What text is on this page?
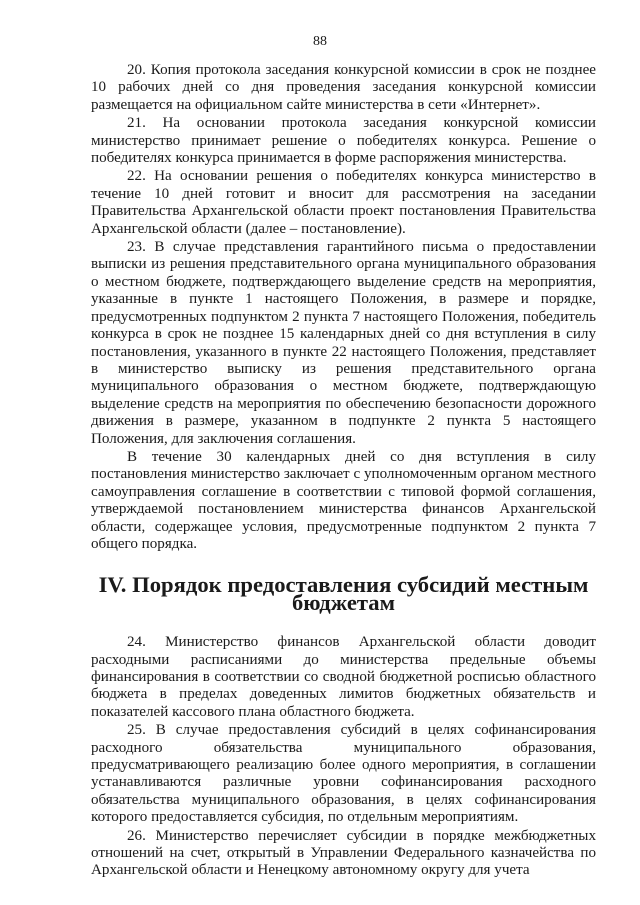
88

20. Копия протокола заседания конкурсной комиссии в срок не позднее 10 рабочих дней со дня проведения заседания конкурсной комиссии размещается на официальном сайте министерства в сети «Интернет».

21. На основании протокола заседания конкурсной комиссии министерство принимает решение о победителях конкурса. Решение о победителях конкурса принимается в форме распоряжения министерства.

22. На основании решения о победителях конкурса министерство в течение 10 дней готовит и вносит для рассмотрения на заседании Правительства Архангельской области проект постановления Правительства Архангельской области (далее – постановление).

23. В случае представления гарантийного письма о предоставлении выписки из решения представительного органа муниципального образования о местном бюджете, подтверждающего выделение средств на мероприятия, указанные в пункте 1 настоящего Положения, в размере и порядке, предусмотренных подпунктом 2 пункта 7 настоящего Положения, победитель конкурса в срок не позднее 15 календарных дней со дня вступления в силу постановления, указанного в пункте 22 настоящего Положения, представляет в министерство выписку из решения представительного органа муниципального образования о местном бюджете, подтверждающую выделение средств на мероприятия по обеспечению безопасности дорожного движения в размере, указанном в подпункте 2 пункта 5 настоящего Положения, для заключения соглашения.

В течение 30 календарных дней со дня вступления в силу постановления министерство заключает с уполномоченным органом местного самоуправления соглашение в соответствии с типовой формой соглашения, утверждаемой постановлением министерства финансов Архангельской области, содержащее условия, предусмотренные подпунктом 2 пункта 7 общего порядка.

IV. Порядок предоставления субсидий местным бюджетам

24. Министерство финансов Архангельской области доводит расходными расписаниями до министерства предельные объемы финансирования в соответствии со сводной бюджетной росписью областного бюджета в пределах доведенных лимитов бюджетных обязательств и показателей кассового плана областного бюджета.

25. В случае предоставления субсидий в целях софинансирования расходного обязательства муниципального образования, предусматривающего реализацию более одного мероприятия, в соглашении устанавливаются различные уровни софинансирования расходного обязательства муниципального образования, в целях софинансирования которого предоставляется субсидия, по отдельным мероприятиям.

26. Министерство перечисляет субсидии в порядке межбюджетных отношений на счет, открытый в Управлении Федерального казначейства по Архангельской области и Ненецкому автономному округу для учета
